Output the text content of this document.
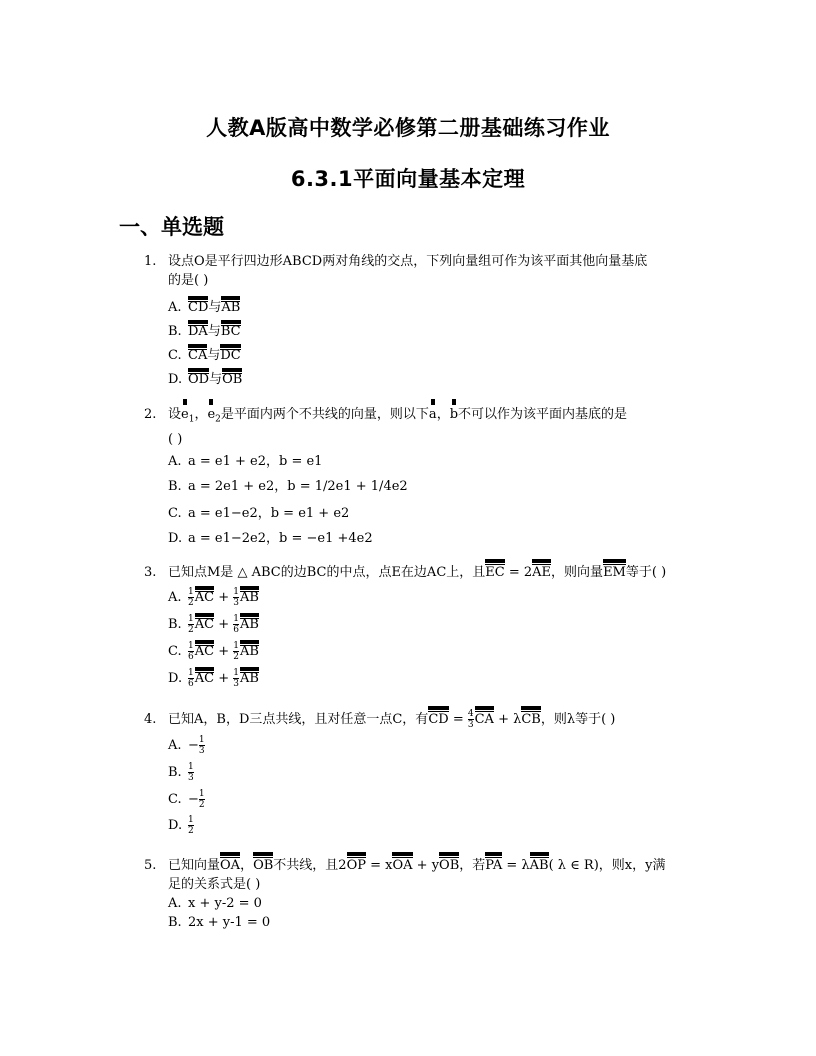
人教A版高中数学必修第二册基础练习作业
6.3.1平面向量基本定理
一、单选题
1. 设点O是平行四边形ABCD两对角线的交点，下列向量组可作为该平面其他向量基底
的是( )
A. CD与AB
B. DA与BC
C. CA与DC
D. OD与OB
2. 设$e_1$，$e_2$是平面内两个不共线的向量，则以下a，b不可以作为该平面内基底的是
( )
A. a = e1 + e2，b = e1
B. a = 2e1 + e2，b = 1/2e1 + 1/4e2
C. a = e1−e2，b = e1 + e2
D. a = e1−2e2，b = −e1 +4e2
3. 已知点M是 △ ABC的边BC的中点，点E在边AC上，且EC = 2AE，则向量EM等于( )
A. $\frac{1}{2}$ AC + $\frac{1}{3}$ AB
B. $\frac{1}{2}$ AC + $\frac{1}{6}$ AB
C. $\frac{1}{6}$ AC + $\frac{1}{2}$ AB
D. $\frac{1}{6}$ AC + $\frac{1}{3}$ AB
4. 已知A，B，D三点共线，且对任意一点C，有CD = $\frac{4}{3}$ CA + λCB，则λ等于( )
A. − $\frac{1}{3}$
B. $\frac{1}{3}$
C. − $\frac{1}{2}$
D. $\frac{1}{2}$
5. 已知向量OA，OB不共线，且2OP = xOA + yOB，若PA = λAB( λ ∈ R)，则x，y满
足的关系式是( )
A. x + y-2 = 0
B. 2x + y-1 = 0
